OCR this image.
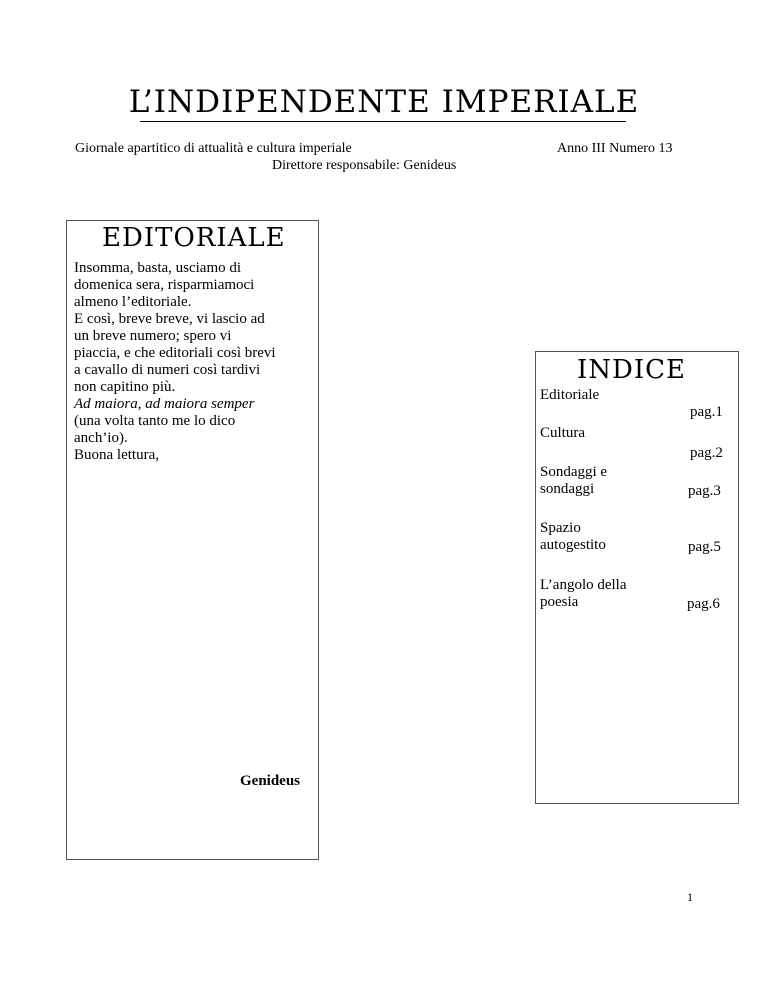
L’INDIPENDENTE IMPERIALE
Giornale apartitico di attualità e cultura imperiale	Anno III Numero 13
Direttore responsabile: Genideus
EDITORIALE

Insomma, basta, usciamo di

domenica sera, risparmiamoci

almeno l’editoriale.

E così, breve breve, vi lascio ad

un breve numero; spero vi

piaccia, e che editoriali così brevi

a cavallo di numeri così tardivi

non capitino più.

Ad maiora, ad maiora semper

(una volta tanto me lo dico

anch’io).

Buona lettura,

Genideus
INDICE
Editoriale
pag.1
Cultura
pag.2
Sondaggi e
sondaggi	pag.3
Spazio
autogestito	pag.5
L’angolo della
poesia	pag.6
1
